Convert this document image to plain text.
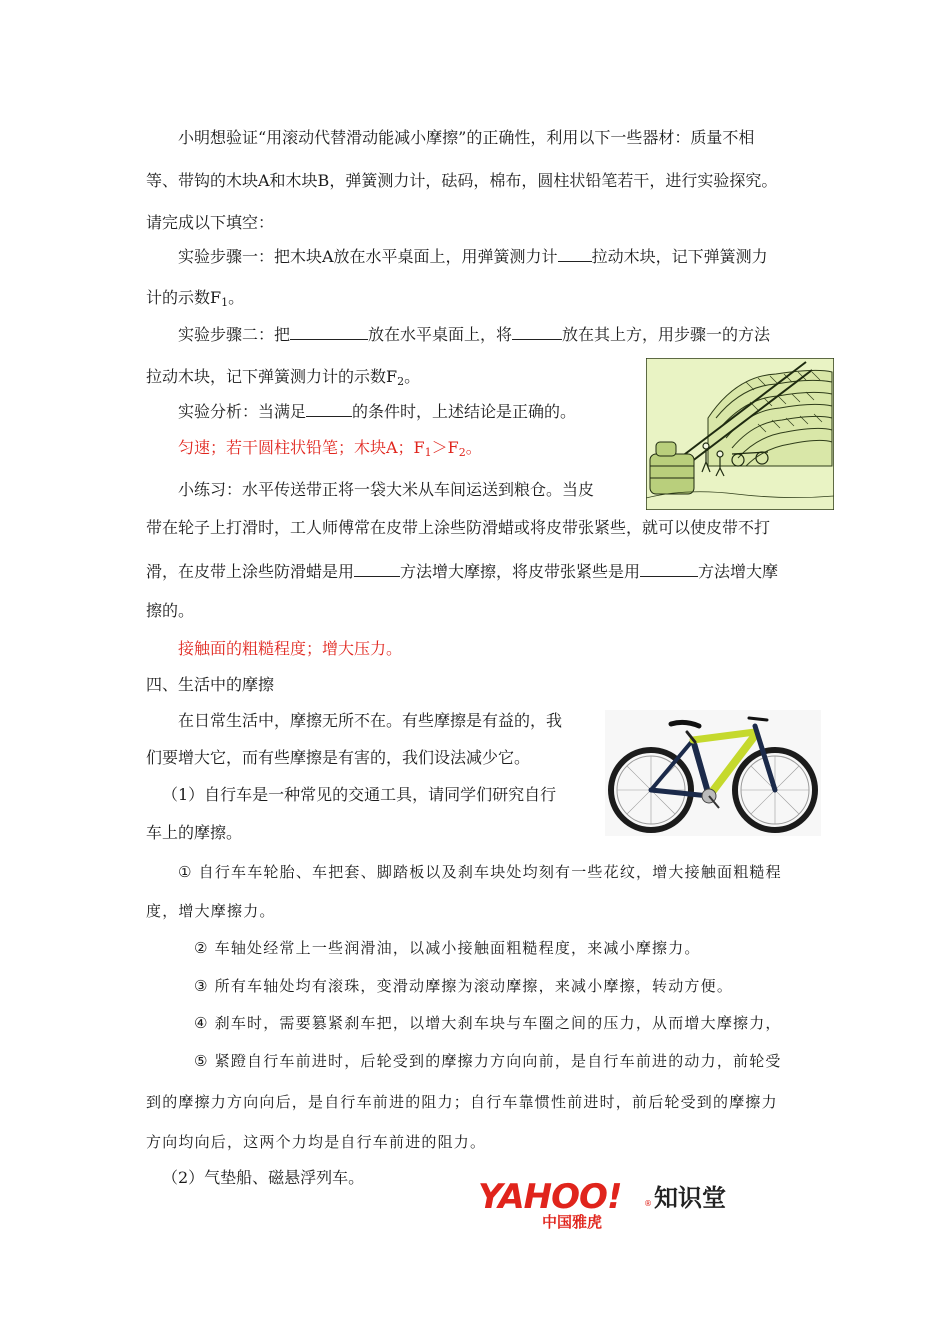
小明想验证“用滚动代替滑动能减小摩擦”的正确性，利用以下一些器材：质量不相
等、带钩的木块A和木块B，弹簧测力计，砝码，棉布，圆柱状铅笔若干，进行实验探究。
请完成以下填空：
实验步骤一：把木块A放在水平桌面上，用弹簧测力计 拉动木块，记下弹簧测力
计的示数$F_1$。
实验步骤二：把	放在水平桌面上，将	放在其上方，用步骤一的方法
拉动木块，记下弹簧测力计的示数$F_2$。
实验分析：当满足	的条件时，上述结论是正确的。
匀速；若干圆柱状铅笔；木块A；$F_1>F_2$。
小练习：水平传送带正将一袋大米从车间运送到粮仓。当皮
带在轮子上打滑时，工人师傅常在皮带上涂些防滑蜡或将皮带张紧些，就可以使皮带不打
滑，在皮带上涂些防滑蜡是用	方法增大摩擦，将皮带张紧些是用	方法增大摩
擦的。
接触面的粗糙程度；增大压力。
四、生活中的摩擦
在日常生活中，摩擦无所不在。有些摩擦是有益的，我
们要增大它，而有些摩擦是有害的，我们设法减少它。
（1）自行车是一种常见的交通工具，请同学们研究自行
车上的摩擦。
① 自行车车轮胎、车把套、脚踏板以及刹车块处均刻有一些花纹，增大接触面粗糙程
度，增大摩擦力。
② 车轴处经常上一些润滑油，以减小接触面粗糙程度，来减小摩擦力。
③ 所有车轴处均有滚珠，变滑动摩擦为滚动摩擦，来减小摩擦，转动方便。
④ 刹车时，需要篡紧刹车把，以增大刹车块与车圈之间的压力，从而增大摩擦力，
⑤ 紧蹬自行车前进时，后轮受到的摩擦力方向向前，是自行车前进的动力，前轮受
到的摩擦力方向向后，是自行车前进的阻力；自行车靠惯性前进时，前后轮受到的摩擦力
方向均向后，这两个力均是自行车前进的阻力。
（2）气垫船、磁悬浮列车。	YAHOO!	®
中国雅虎
知识堂
